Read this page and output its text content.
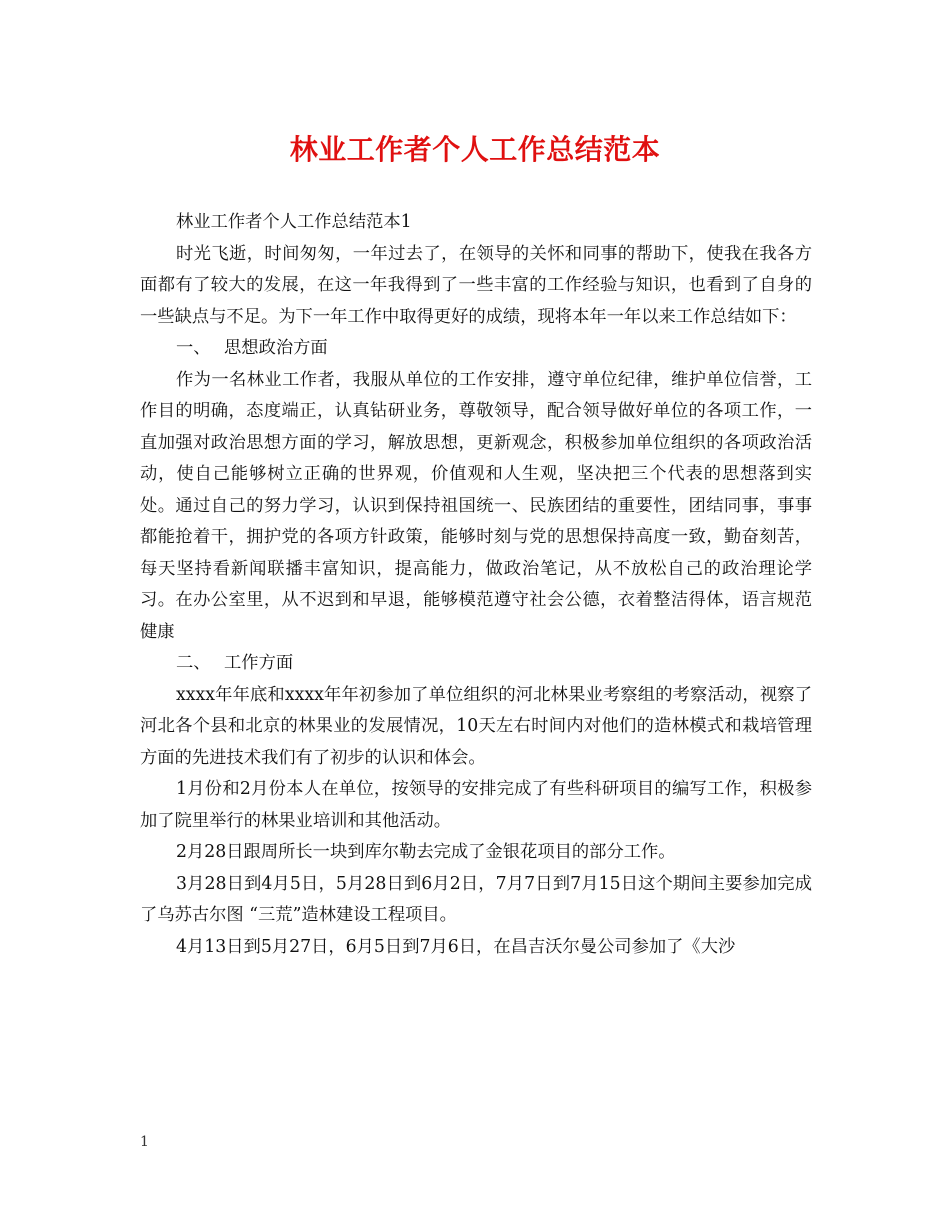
林业工作者个人工作总结范本

林业工作者个人工作总结范本1

时光飞逝，时间匆匆，一年过去了，在领导的关怀和同事的帮助下，使我在我各方面都有了较大的发展，在这一年我得到了一些丰富的工作经验与知识，也看到了自身的一些缺点与不足。为下一年工作中取得更好的成绩，现将本年一年以来工作总结如下：

一、 思想政治方面

作为一名林业工作者，我服从单位的工作安排，遵守单位纪律，维护单位信誉，工作目的明确，态度端正，认真钻研业务，尊敬领导，配合领导做好单位的各项工作，一直加强对政治思想方面的学习，解放思想，更新观念，积极参加单位组织的各项政治活动，使自己能够树立正确的世界观，价值观和人生观，坚决把三个代表的思想落到实处。通过自己的努力学习，认识到保持祖国统一、民族团结的重要性，团结同事，事事都能抢着干，拥护党的各项方针政策，能够时刻与党的思想保持高度一致，勤奋刻苦，每天坚持看新闻联播丰富知识，提高能力，做政治笔记，从不放松自己的政治理论学习。在办公室里，从不迟到和早退，能够模范遵守社会公德，衣着整洁得体，语言规范健康

二、 工作方面

xxxx年年底和xxxx年年初参加了单位组织的河北林果业考察组的考察活动，视察了河北各个县和北京的林果业的发展情况，10天左右时间内对他们的造林模式和栽培管理方面的先进技术我们有了初步的认识和体会。

1月份和2月份本人在单位，按领导的安排完成了有些科研项目的编写工作，积极参加了院里举行的林果业培训和其他活动。

2月28日跟周所长一块到库尔勒去完成了金银花项目的部分工作。

3月28日到4月5日，5月28日到6月2日，7月7日到7月15日这个期间主要参加完成了乌苏古尔图 “三荒”造林建设工程项目。

4月13日到5月27日，6月5日到7月6日，在昌吉沃尔曼公司参加了《大沙

1
